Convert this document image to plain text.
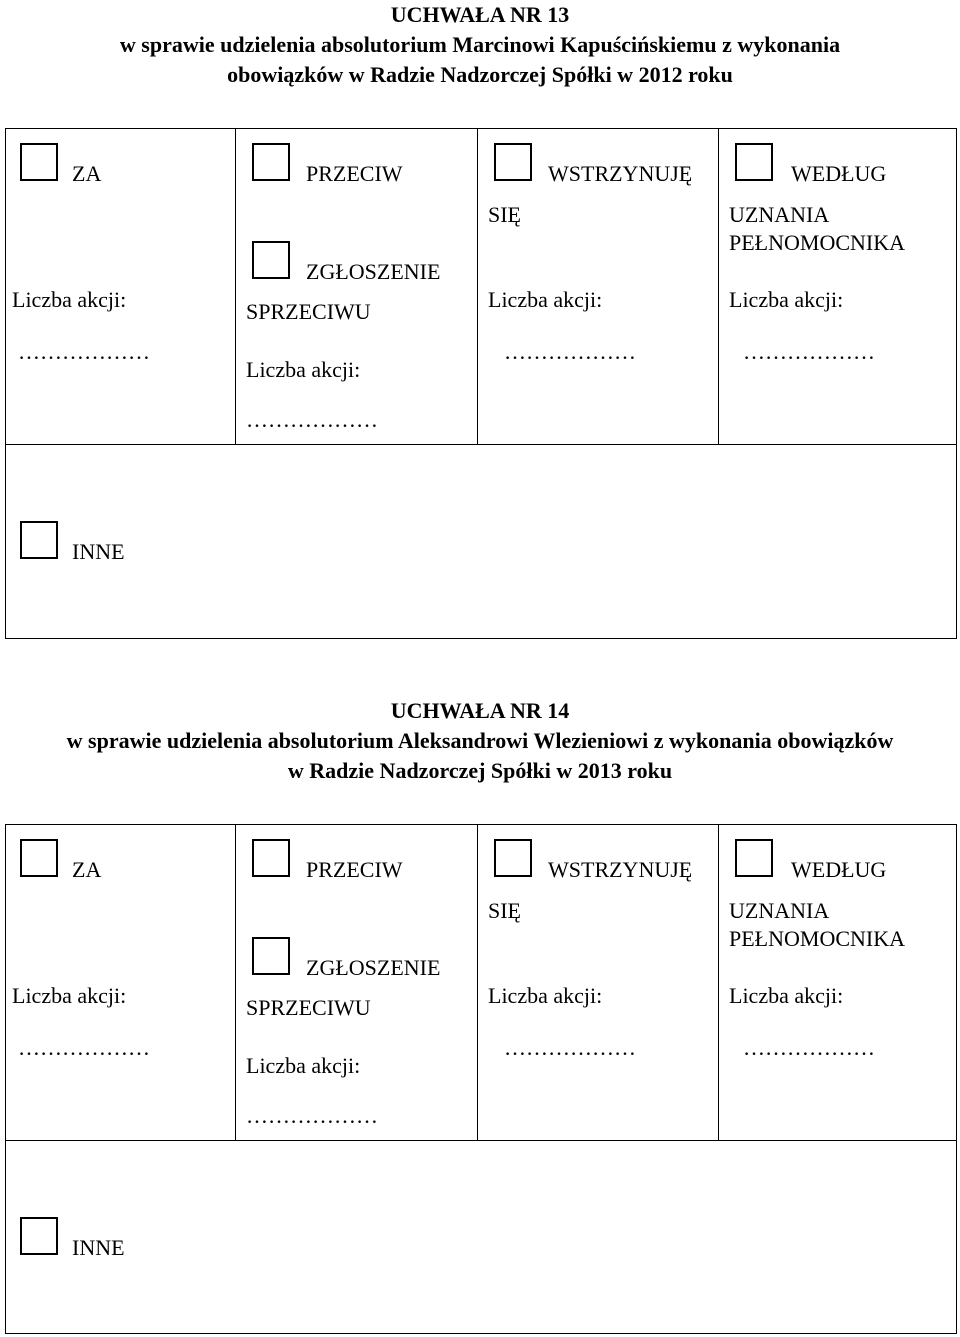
UCHWAŁA NR 13
w sprawie udzielenia absolutorium Marcinowi Kapuścińskiemu z wykonania
obowiązków w Radzie Nadzorczej Spółki w 2012 roku
ZA
Liczba akcji:
………………
PRZECIW
ZGŁOSZENIE
SPRZECIWU
Liczba akcji:
………………
WSTRZYNUJĘ
SIĘ
Liczba akcji:
………………
WEDŁUG
UZNANIA
PEŁNOMOCNIKA
Liczba akcji:
………………
INNE
UCHWAŁA NR 14
w sprawie udzielenia absolutorium Aleksandrowi Wlezieniowi z wykonania obowiązków
w Radzie Nadzorczej Spółki w 2013 roku
ZA
Liczba akcji:
………………
PRZECIW
ZGŁOSZENIE
SPRZECIWU
Liczba akcji:
………………
WSTRZYNUJĘ
SIĘ
Liczba akcji:
………………
WEDŁUG
UZNANIA
PEŁNOMOCNIKA
Liczba akcji:
………………
INNE
